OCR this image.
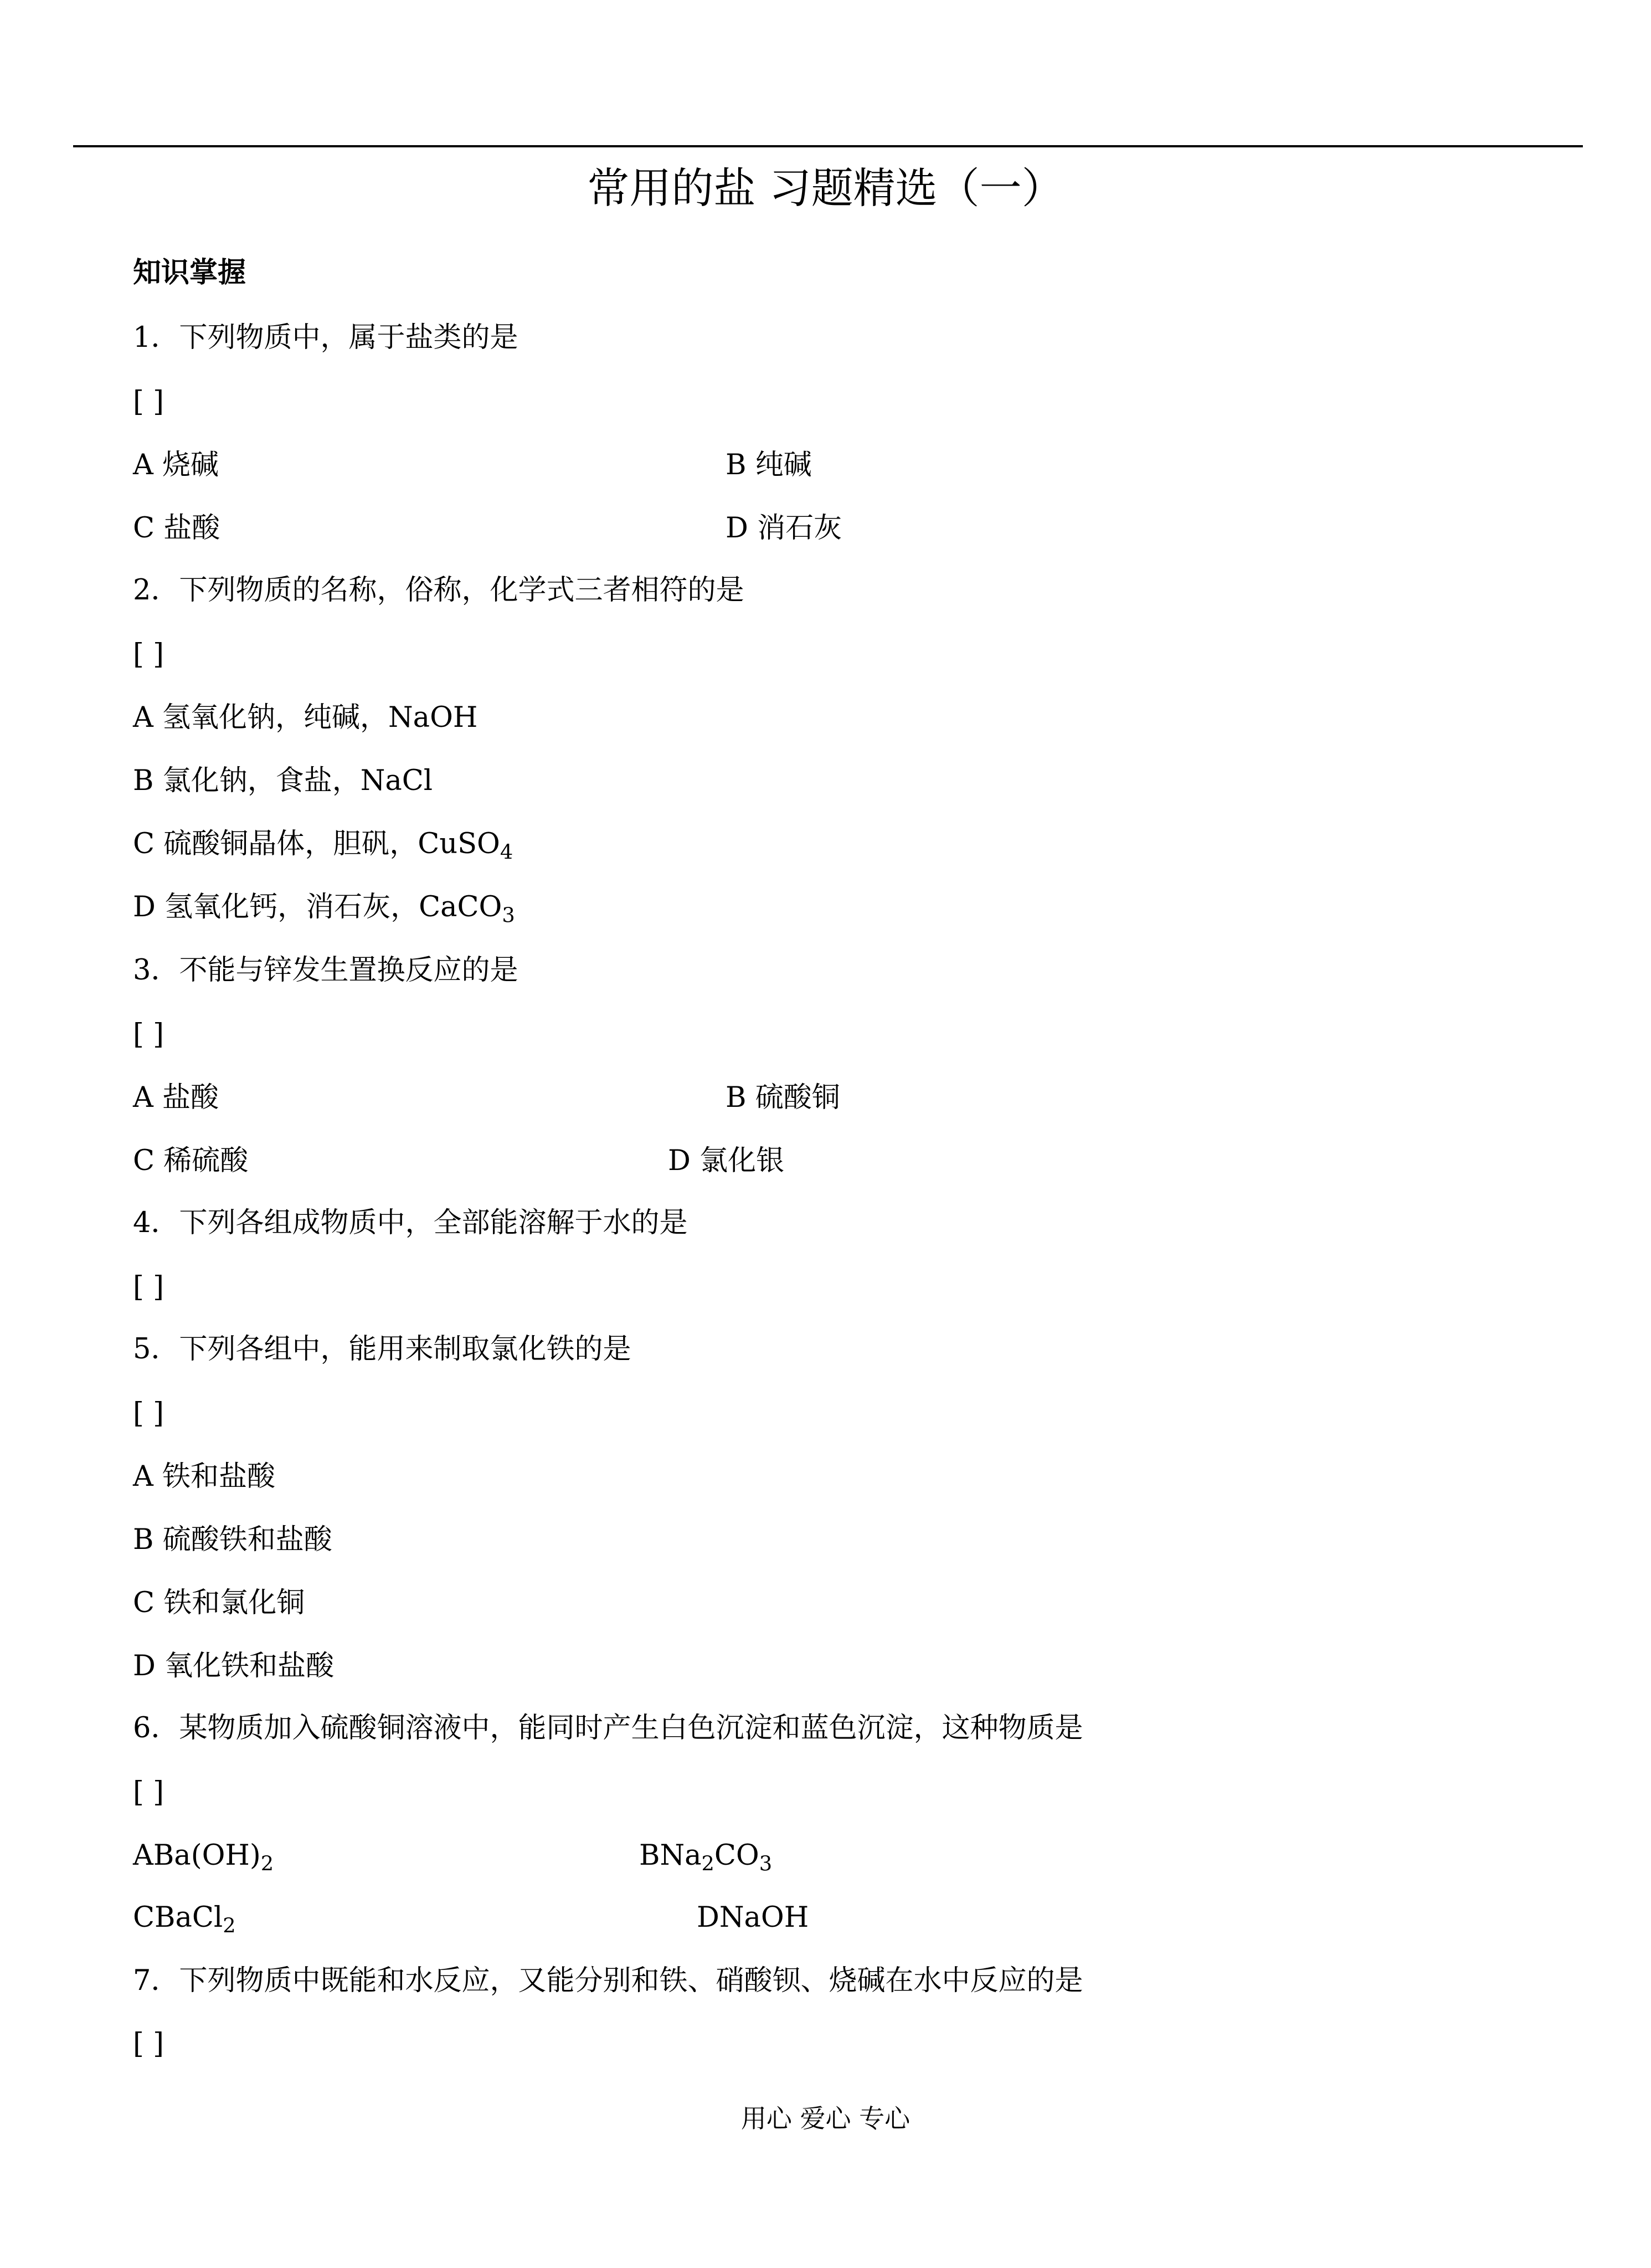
常用的盐 习题精选（一）
知识掌握
1．下列物质中，属于盐类的是
[ ]
A 烧碱	B 纯碱
C 盐酸	D 消石灰
2．下列物质的名称，俗称，化学式三者相符的是
[ ]
A 氢氧化钠，纯碱，NaOH
B 氯化钠，食盐，NaCl
C 硫酸铜晶体，胆矾，CuSO$_4$
D 氢氧化钙，消石灰，CaCO$_3$
3．不能与锌发生置换反应的是
[ ]
A 盐酸	B 硫酸铜
C 稀硫酸	D 氯化银
4．下列各组成物质中，全部能溶解于水的是
[ ]
5．下列各组中，能用来制取氯化铁的是
[ ]
A 铁和盐酸
B 硫酸铁和盐酸
C 铁和氯化铜
D 氧化铁和盐酸
6．某物质加入硫酸铜溶液中，能同时产生白色沉淀和蓝色沉淀，这种物质是
[ ]
$ABa(OH)_2$	$BNa_2CO_3$
CBaCl$_2$	DNaOH
7．下列物质中既能和水反应，又能分别和铁、硝酸钡、烧碱在水中反应的是
[ ]
用心 爱心 专心
